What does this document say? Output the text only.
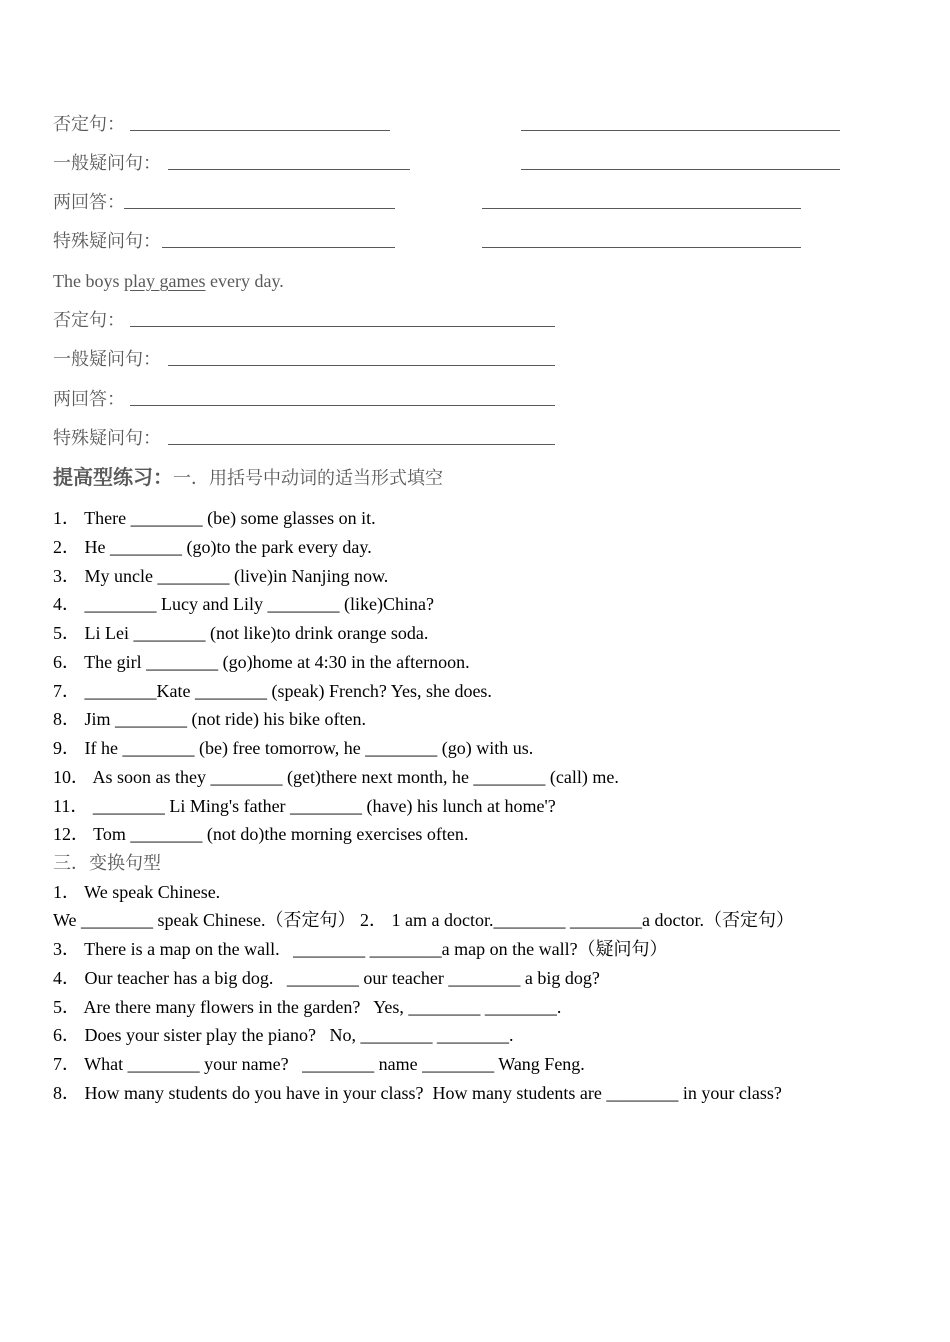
否定句：
一般疑问句：
两回答：
特殊疑问句：
The boys play games every day.
否定句：
一般疑问句：
两回答：
特殊疑问句：
提高型练习：一．用括号中动词的适当形式填空
1． There ________ (be) some glasses on it.
2． He ________ (go)to the park every day.
3． My uncle ________ (live)in Nanjing now.
4． ________ Lucy and Lily ________ (like)China?
5． Li Lei ________ (not like)to drink orange soda.
6． The girl ________ (go)home at 4:30 in the afternoon.
7． ________Kate ________ (speak) French? Yes, she does.
8． Jim ________ (not ride) his bike often.
9． If he ________ (be) free tomorrow, he ________ (go) with us.
10． As soon as they ________ (get)there next month, he ________ (call) me.
11． ________ Li Ming's father ________ (have) his lunch at home'?
12． Tom ________ (not do)the morning exercises often.
三．变换句型
1． We speak Chinese.
We ________ speak Chinese.（否定句） 2． 1 am a doctor.________ ________a doctor.（否定句）
3． There is a map on the wall.   ________ ________a map on the wall?（疑问句）
4． Our teacher has a big dog.   ________ our teacher ________ a big dog?
5． Are there many flowers in the garden?   Yes, ________ ________.
6． Does your sister play the piano?   No, ________ ________.
7． What ________ your name?   ________ name ________ Wang Feng.
8． How many students do you have in your class?  How many students are ________ in your class?
